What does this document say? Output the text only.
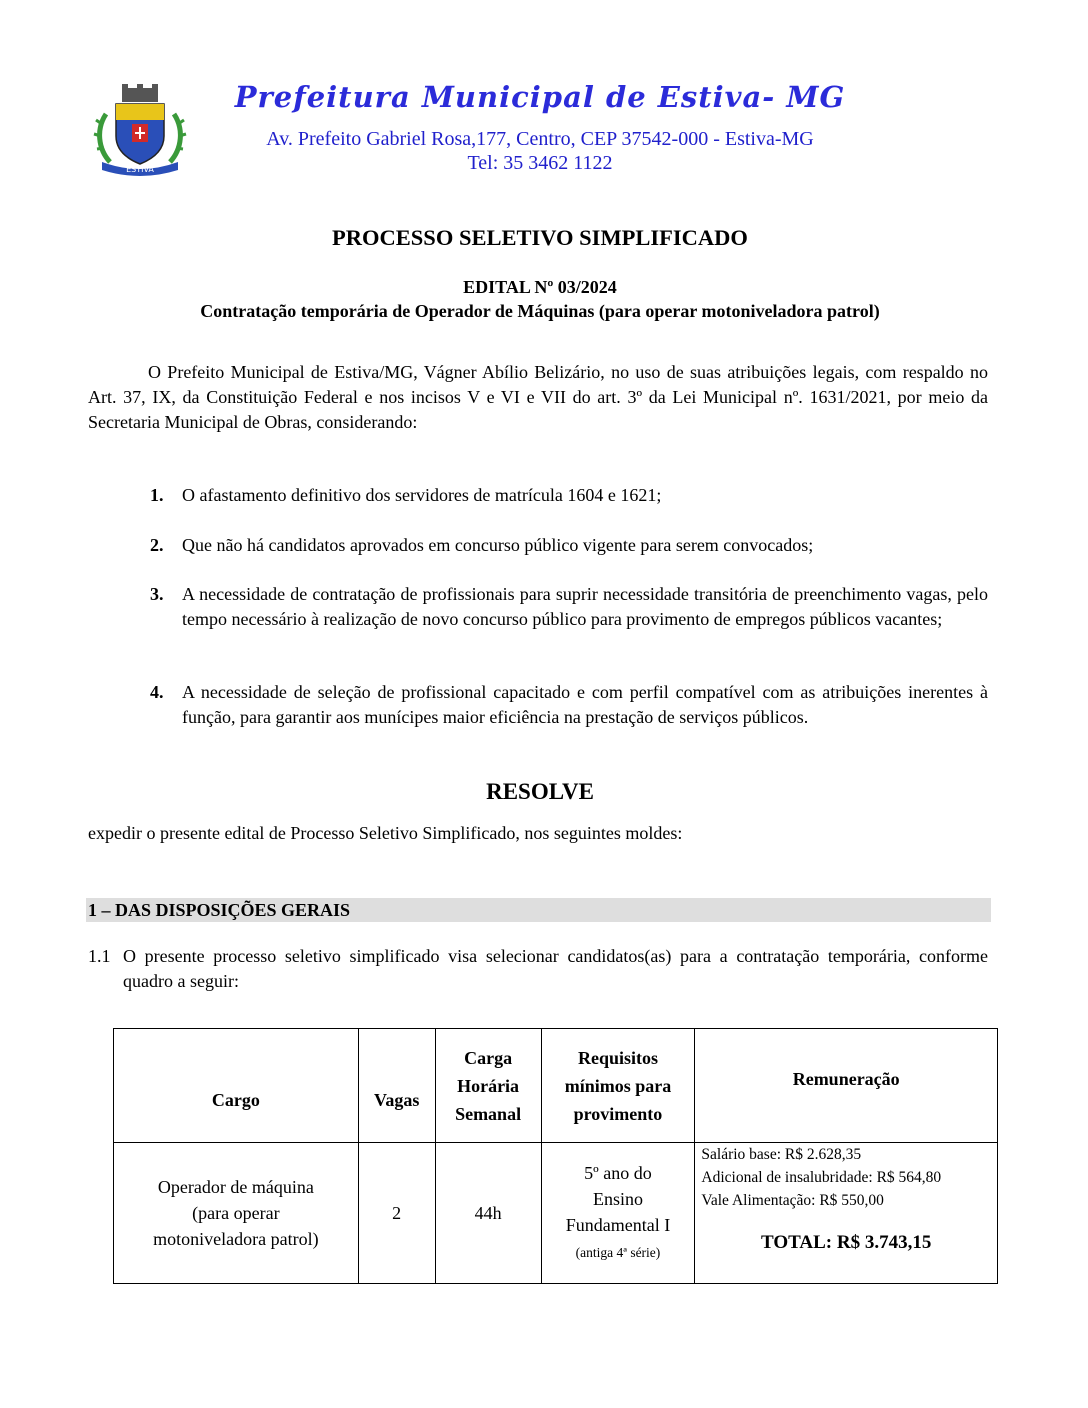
ESTIVA
Prefeitura Municipal de Estiva- MG
Av. Prefeito Gabriel Rosa,177, Centro, CEP 37542-000 - Estiva-MG
Tel: 35 3462 1122
PROCESSO SELETIVO SIMPLIFICADO
EDITAL Nº 03/2024
Contratação temporária de Operador de Máquinas (para operar motoniveladora patrol)
O Prefeito Municipal de Estiva/MG, Vágner Abílio Belizário, no uso de suas atribuições legais, com respaldo no Art. 37, IX, da Constituição Federal e nos incisos V e VI e VII do art. 3º da Lei Municipal nº. 1631/2021, por meio da Secretaria Municipal de Obras, considerando:
1. O afastamento definitivo dos servidores de matrícula 1604 e 1621;
2. Que não há candidatos aprovados em concurso público vigente para serem convocados;
3. A necessidade de contratação de profissionais para suprir necessidade transitória de preenchimento vagas, pelo tempo necessário à realização de novo concurso público para provimento de empregos públicos vacantes;
4. A necessidade de seleção de profissional capacitado e com perfil compatível com as atribuições inerentes à função, para garantir aos munícipes maior eficiência na prestação de serviços públicos.
RESOLVE
expedir o presente edital de Processo Seletivo Simplificado, nos seguintes moldes:
1 – DAS DISPOSIÇÕES GERAIS
1.1 O presente processo seletivo simplificado visa selecionar candidatos(as) para a contratação temporária, conforme quadro a seguir:
Cargo	Vagas	Carga
Horária
Semanal	Requisitos
mínimos para
provimento	Remuneração
Operador de máquina
(para operar
motoniveladora patrol)	2	44h	5º ano do
Ensino
Fundamental I
(antiga 4ª série)	Salário base: R$ 2.628,35
Adicional de insalubridade: R$ 564,80
Vale Alimentação: R$ 550,00
TOTAL: R$ 3.743,15
